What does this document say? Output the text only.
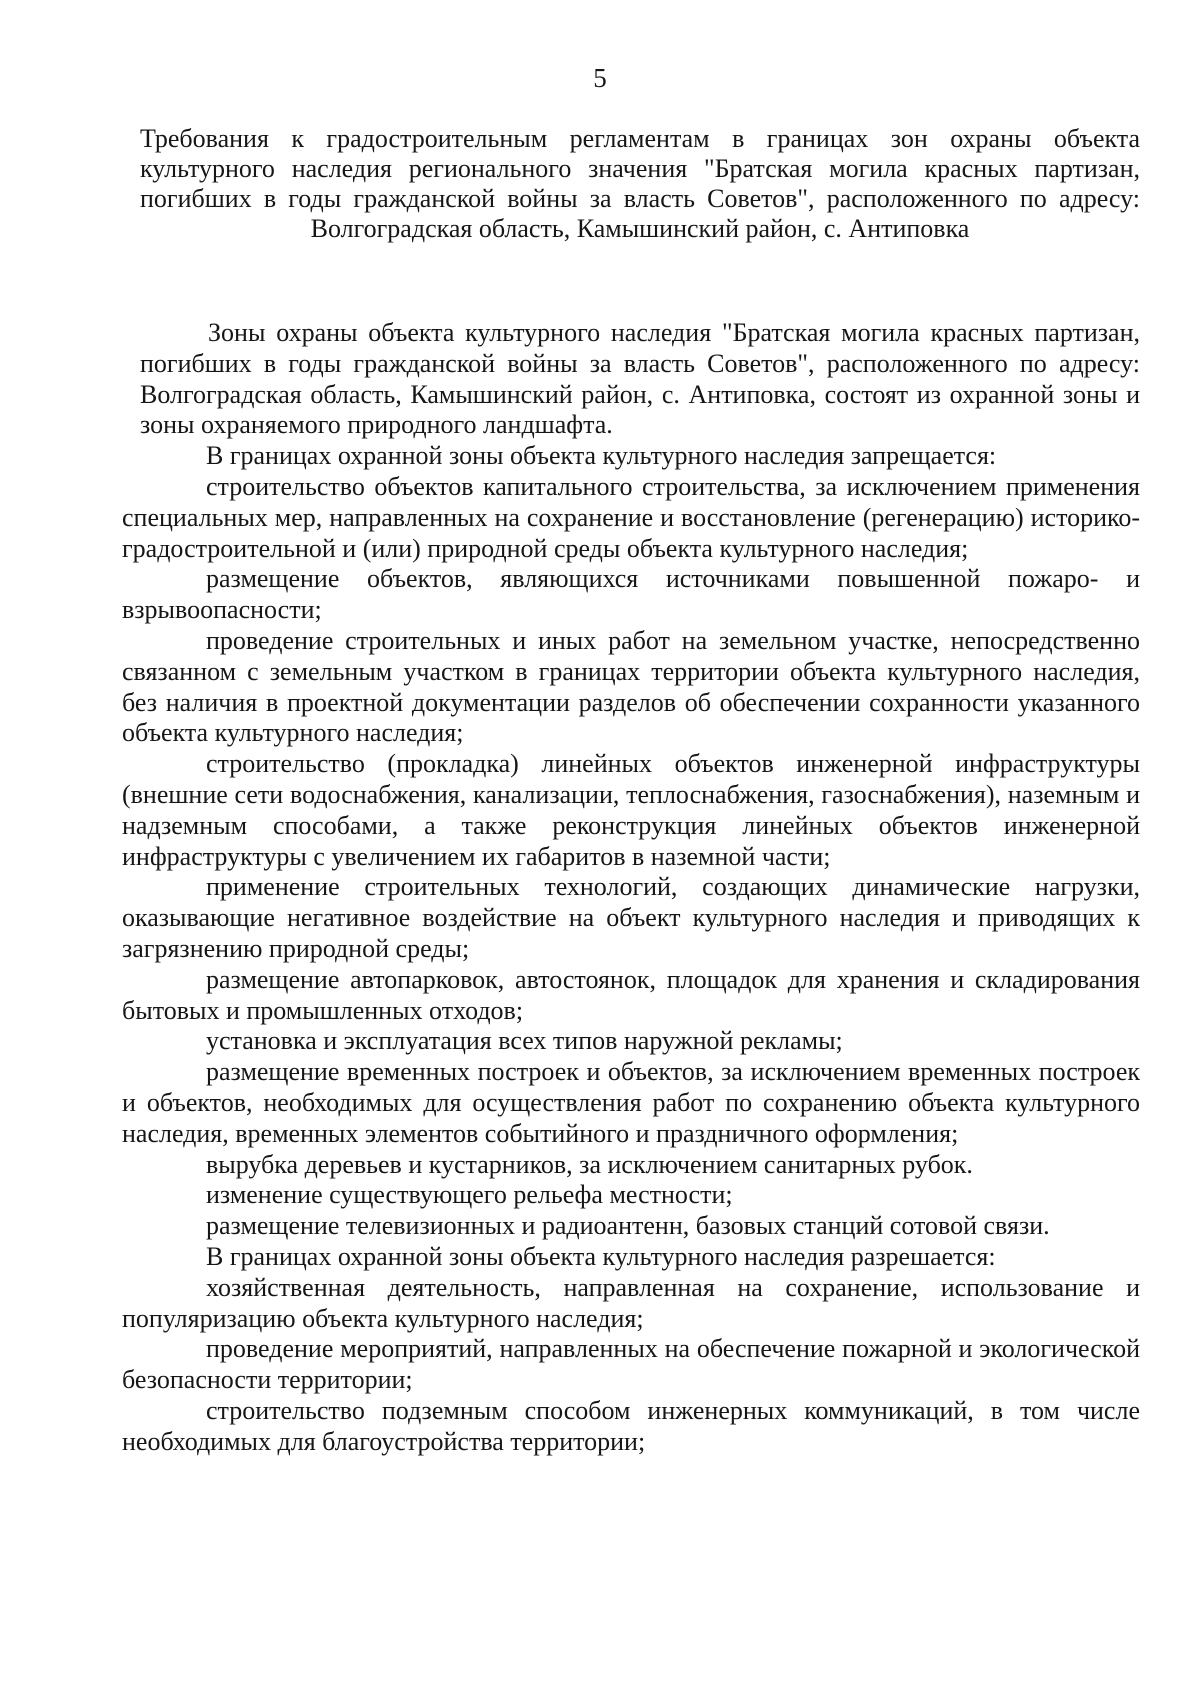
5

Требования к градостроительным регламентам в границах зон охраны объекта культурного наследия регионального значения "Братская могила красных партизан, погибших в годы гражданской войны за власть Советов", расположенного по адресу: Волгоградская область, Камышинский район, с. Антиповка

Зоны охраны объекта культурного наследия "Братская могила красных партизан, погибших в годы гражданской войны за власть Советов", расположенного по адресу: Волгоградская область, Камышинский район, с. Антиповка, состоят из охранной зоны и зоны охраняемого природного ландшафта.

В границах охранной зоны объекта культурного наследия запрещается:

строительство объектов капитального строительства, за исключением применения специальных мер, направленных на сохранение и восстановление (регенерацию) историко-градостроительной и (или) природной среды объекта культурного наследия;

размещение объектов, являющихся источниками повышенной пожаро- и взрывоопасности;

проведение строительных и иных работ на земельном участке, непосредственно связанном с земельным участком в границах территории объекта культурного наследия, без наличия в проектной документации разделов об обеспечении сохранности указанного объекта культурного наследия;

строительство (прокладка) линейных объектов инженерной инфраструктуры (внешние сети водоснабжения, канализации, теплоснабжения, газоснабжения), наземным и надземным способами, а также реконструкция линейных объектов инженерной инфраструктуры с увеличением их габаритов в наземной части;

применение строительных технологий, создающих динамические нагрузки, оказывающие негативное воздействие на объект культурного наследия и приводящих к загрязнению природной среды;

размещение автопарковок, автостоянок, площадок для хранения и складирования бытовых и промышленных отходов;

установка и эксплуатация всех типов наружной рекламы;

размещение временных построек и объектов, за исключением временных построек и объектов, необходимых для осуществления работ по сохранению объекта культурного наследия, временных элементов событийного и праздничного оформления;

вырубка деревьев и кустарников, за исключением санитарных рубок.

изменение существующего рельефа местности;

размещение телевизионных и радиоантенн, базовых станций сотовой связи.

В границах охранной зоны объекта культурного наследия разрешается:

хозяйственная деятельность, направленная на сохранение, использование и популяризацию объекта культурного наследия;

проведение мероприятий, направленных на обеспечение пожарной и экологической безопасности территории;

строительство подземным способом инженерных коммуникаций, в том числе необходимых для благоустройства территории;
